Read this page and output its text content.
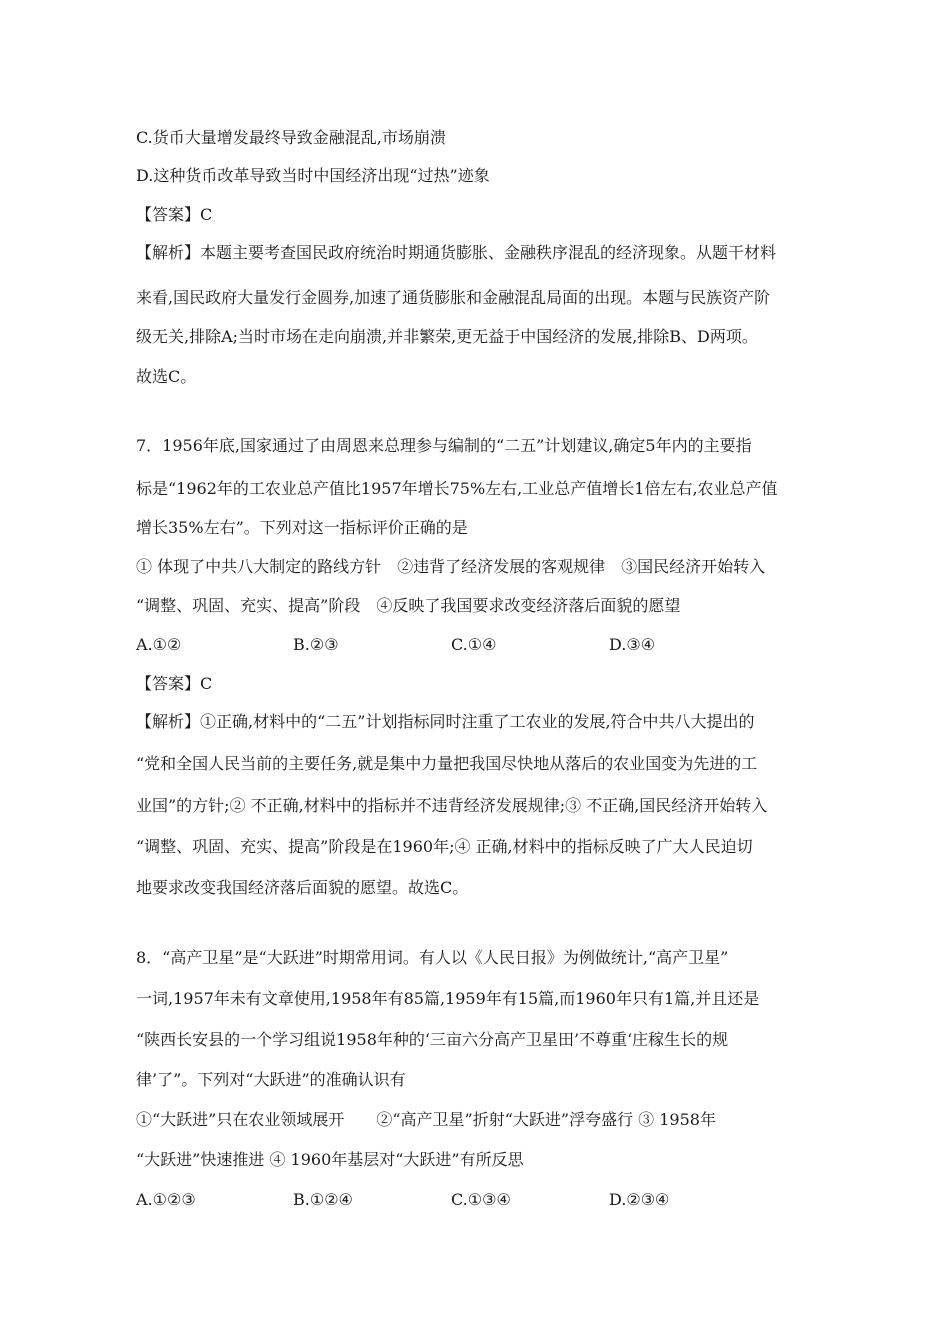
C.货币大量增发最终导致金融混乱,市场崩溃
D.这种货币改革导致当时中国经济出现“过热”迹象
【答案】C
【解析】本题主要考查国民政府统治时期通货膨胀、金融秩序混乱的经济现象。从题干材料
来看,国民政府大量发行金圆券,加速了通货膨胀和金融混乱局面的出现。本题与民族资产阶
级无关,排除A;当时市场在走向崩溃,并非繁荣,更无益于中国经济的发展,排除B、D两项。
故选C。
7．1956年底,国家通过了由周恩来总理参与编制的“二五”计划建议,确定5年内的主要指
标是“1962年的工农业总产值比1957年增长75%左右,工业总产值增长1倍左右,农业总产值
增长35%左右”。下列对这一指标评价正确的是
① 体现了中共八大制定的路线方针　②违背了经济发展的客观规律　③国民经济开始转入
“调整、巩固、充实、提高”阶段　④反映了我国要求改变经济落后面貌的愿望
A.①②	B.②③	C.①④	D.③④
【答案】C
【解析】①正确,材料中的“二五”计划指标同时注重了工农业的发展,符合中共八大提出的
“党和全国人民当前的主要任务,就是集中力量把我国尽快地从落后的农业国变为先进的工
业国”的方针;② 不正确,材料中的指标并不违背经济发展规律;③ 不正确,国民经济开始转入
“调整、巩固、充实、提高”阶段是在1960年;④ 正确,材料中的指标反映了广大人民迫切
地要求改变我国经济落后面貌的愿望。故选C。
8．“高产卫星”是“大跃进”时期常用词。有人以《人民日报》为例做统计,“高产卫星”
一词,1957年未有文章使用,1958年有85篇,1959年有15篇,而1960年只有1篇,并且还是
“陕西长安县的一个学习组说1958年种的‘三亩六分高产卫星田’不尊重‘庄稼生长的规
律’了”。下列对“大跃进”的准确认识有
①“大跃进”只在农业领域展开　　②“高产卫星”折射“大跃进”浮夸盛行 ③ 1958年
“大跃进”快速推进 ④ 1960年基层对“大跃进”有所反思
A.①②③	B.①②④	C.①③④	D.②③④
